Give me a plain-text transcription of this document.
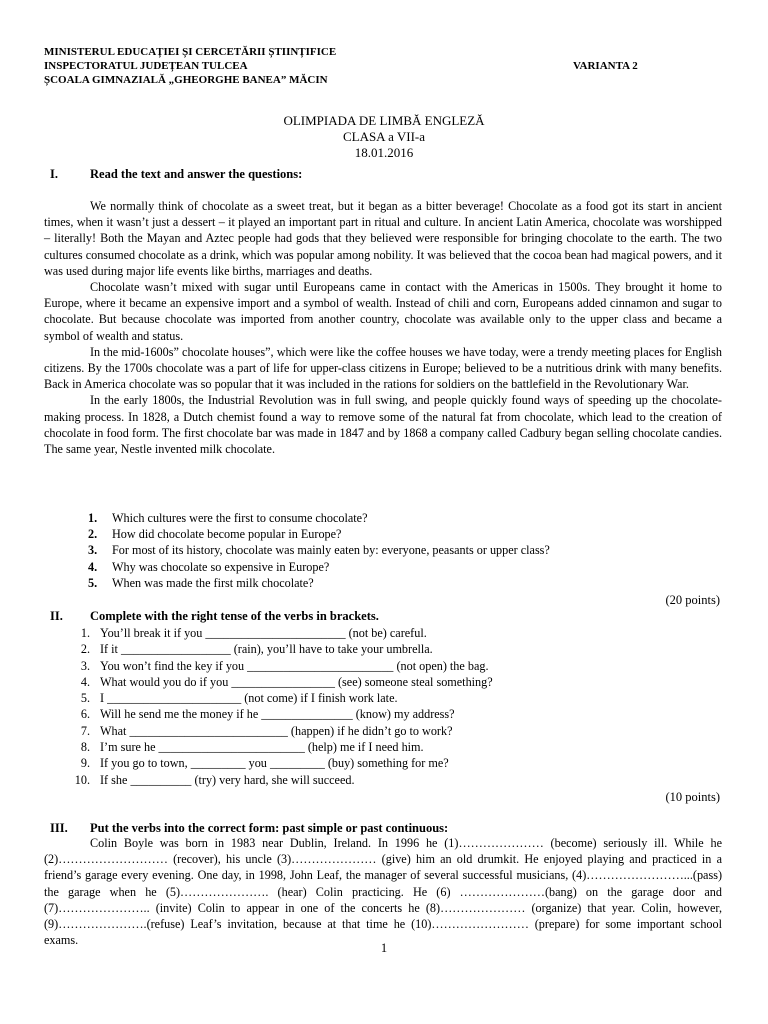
MINISTERUL EDUCAȚIEI ȘI CERCETĂRII ȘTIINȚIFICE
INSPECTORATUL JUDEȚEAN TULCEA
ȘCOALA GIMNAZIALĂ „GHEORGHE BANEA” MĂCIN
VARIANTA 2
OLIMPIADA DE LIMBĂ ENGLEZĂ
CLASA a VII-a
18.01.2016
I.	Read the text and answer the questions:

We normally think of chocolate as a sweet treat, but it began as a bitter beverage! Chocolate as a food got its start in ancient times, when it wasn’t just a dessert – it played an important part in ritual and culture. In ancient Latin America, chocolate was worshipped – literally! Both the Mayan and Aztec people had gods that they believed were responsible for bringing chocolate to the earth. The two cultures consumed chocolate as a drink, which was popular among nobility. It was believed that the cocoa bean had magical powers, and it was used during major life events like births, marriages and deaths.

Chocolate wasn’t mixed with sugar until Europeans came in contact with the Americas in 1500s. They brought it home to Europe, where it became an expensive import and a symbol of wealth. Instead of chili and corn, Europeans added cinnamon and sugar to chocolate. But because chocolate was imported from another country, chocolate was available only to the upper class and became a symbol of wealth and status.

In the mid-1600s” chocolate houses”, which were like the coffee houses we have today, were a trendy meeting places for English citizens. By the 1700s chocolate was a part of life for upper-class citizens in Europe; believed to be a nutritious drink with many benefits. Back in America chocolate was so popular that it was included in the rations for soldiers on the battlefield in the Revolutionary War.

In the early 1800s, the Industrial Revolution was in full swing, and people quickly found ways of speeding up the chocolate-making process. In 1828, a Dutch chemist found a way to remove some of the natural fat from chocolate, which lead to the creation of chocolate in food form. The first chocolate bar was made in 1847 and by 1868 a company called Cadbury began selling chocolate candies. The same year, Nestle invented milk chocolate.

1. Which cultures were the first to consume chocolate?
2. How did chocolate become popular in Europe?
3. For most of its history, chocolate was mainly eaten by: everyone, peasants or upper class?
4. Why was chocolate so expensive in Europe?
5. When was made the first milk chocolate?
(20 points)
II. Complete with the right tense of the verbs in brackets.
1. You’ll break it if you _______________________ (not be) careful.
2. If it __________________ (rain), you’ll have to take your umbrella.
3. You won’t find the key if you ________________________ (not open) the bag.
4. What would you do if you _________________ (see) someone steal something?
5. I ______________________ (not come) if I finish work late.
6. Will he send me the money if he _______________ (know) my address?
7. What __________________________ (happen) if he didn’t go to work?
8. I’m sure he ________________________ (help) me if I need him.
9. If you go to town, _________ you _________ (buy) something for me?
10. If she __________ (try) very hard, she will succeed.
(10 points)
III. Put the verbs into the correct form: past simple or past continuous:

Colin Boyle was born in 1983 near Dublin, Ireland. In 1996 he (1)………………… (become) seriously ill. While he (2)……………………… (recover), his uncle (3)………………… (give) him an old drumkit. He enjoyed playing and practiced in a friend’s garage every evening. One day, in 1998, John Leaf, the manager of several successful musicians, (4)……………………...(pass) the garage when he (5)…………………. (hear) Colin practicing. He (6) …………………(bang) on the garage door and (7)………………….. (invite) Colin to appear in one of the concerts he (8)………………… (organize) that year. Colin, however, (9)………………….(refuse) Leaf’s invitation, because at that time he (10)…………………… (prepare) for some important school exams.

1
